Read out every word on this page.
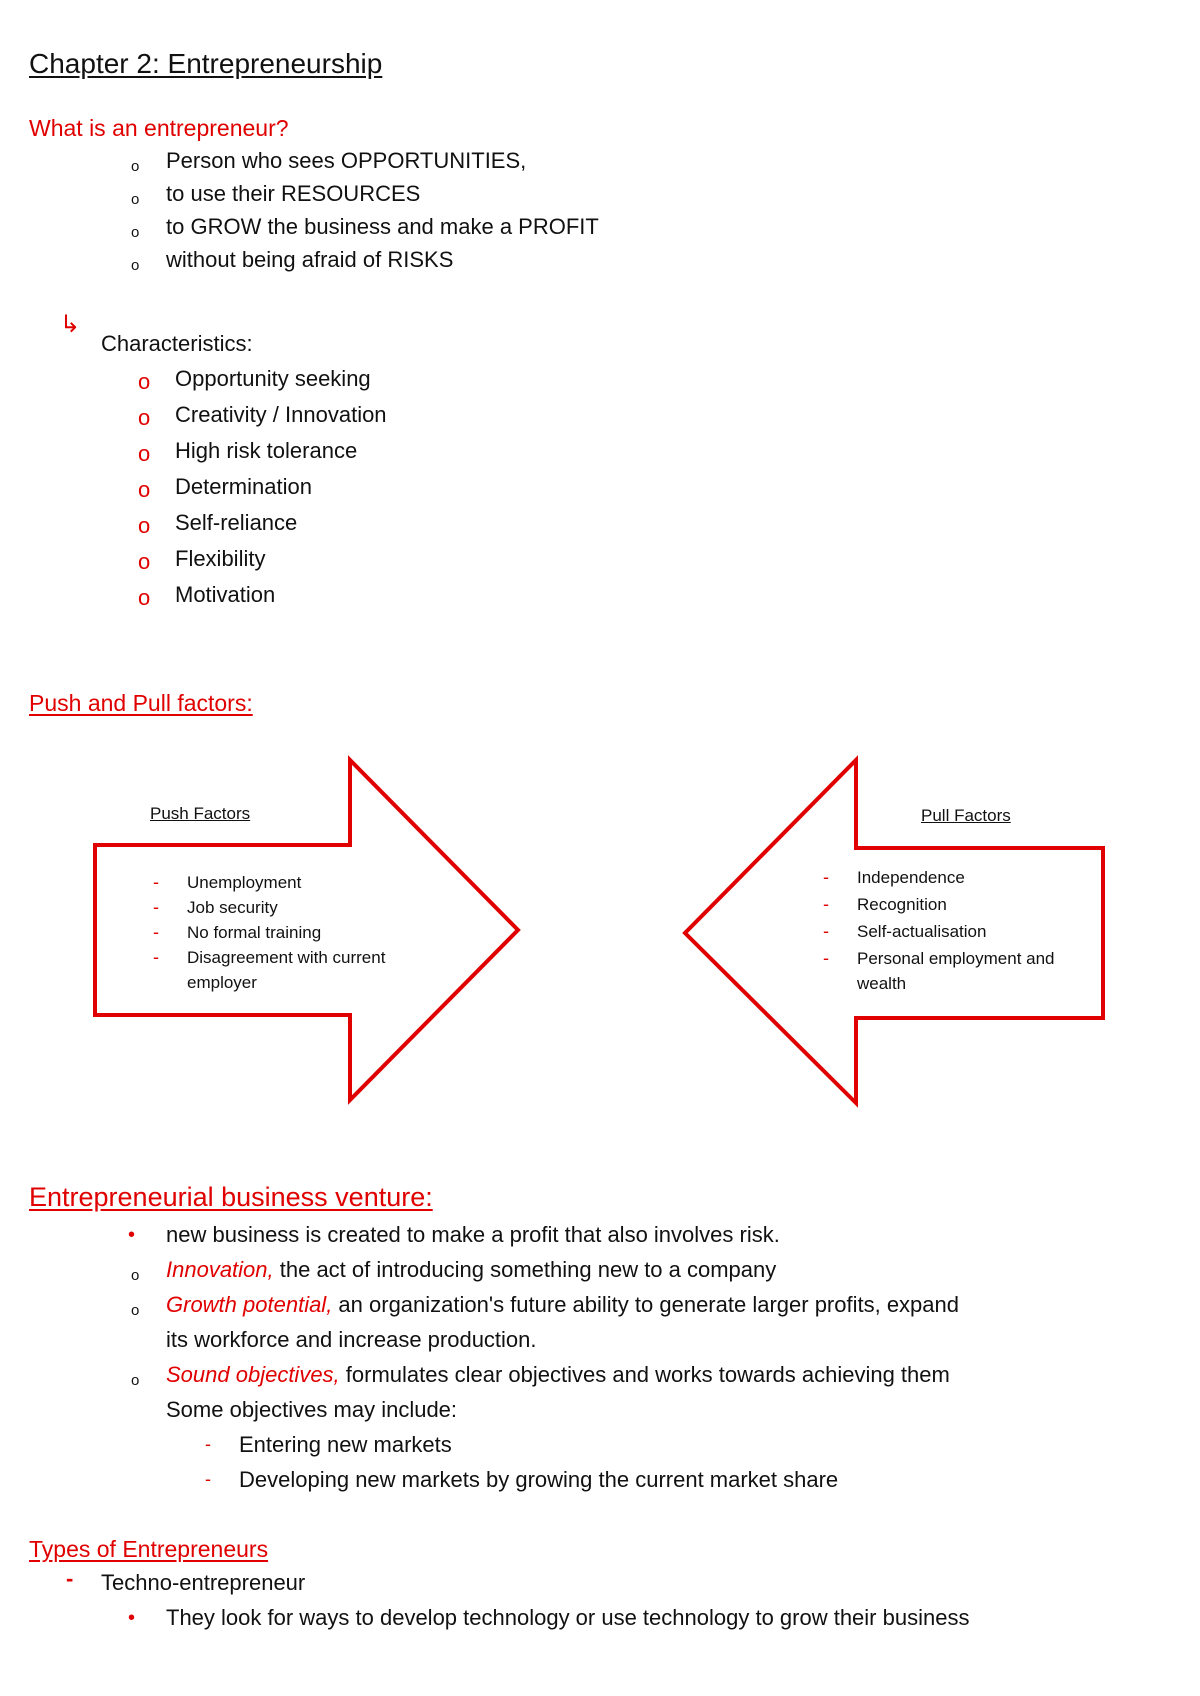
Chapter 2: Entrepreneurship
What is an entrepreneur?
o Person who sees OPPORTUNITIES,
o to use their RESOURCES
o to GROW the business and make a PROFIT
o without being afraid of RISKS
↳
Characteristics:
o Opportunity seeking
o Creativity / Innovation
o High risk tolerance
o Determination
o Self-reliance
o Flexibility
o Motivation
Push and Pull factors:
Push Factors
- Unemployment
- Job security
- No formal training
- Disagreement with current
employer
Pull Factors
- Independence
- Recognition
- Self-actualisation
- Personal employment and
wealth
Entrepreneurial business venture:
• new business is created to make a profit that also involves risk.
o Innovation, the act of introducing something new to a company
o Growth potential, an organization's future ability to generate larger profits, expand
its workforce and increase production.
o Sound objectives, formulates clear objectives and works towards achieving them
Some objectives may include:
- Entering new markets
- Developing new markets by growing the current market share
Types of Entrepreneurs
- Techno-entrepreneur
• They look for ways to develop technology or use technology to grow their business
